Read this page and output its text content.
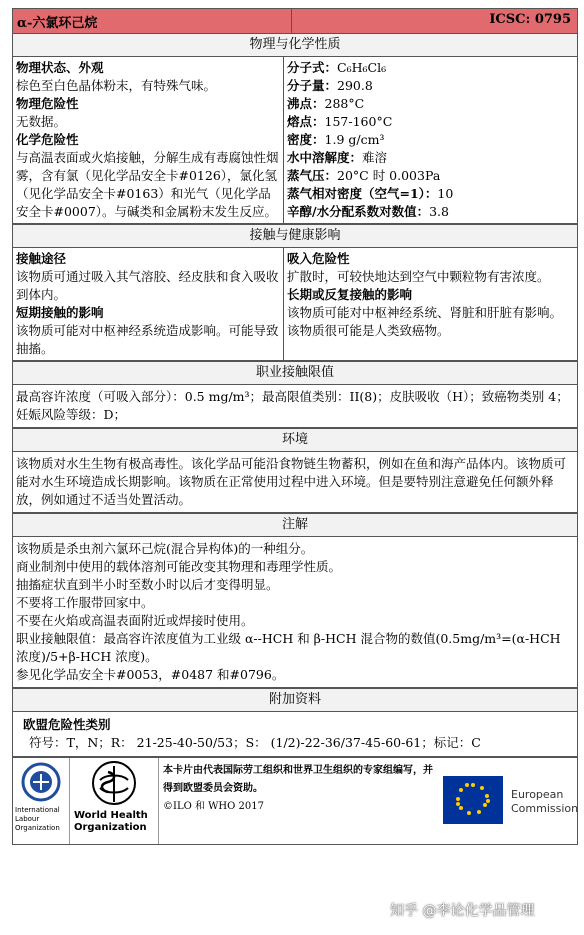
α-六氯环己烷	ICSC: 0795
物理与化学性质
物理状态、外观
棕色至白色晶体粉末，有特殊气味。
物理危险性
无数据。
化学危险性
与高温表面或火焰接触，分解生成有毒腐蚀性烟雾，含有氯（见化学品安全卡#0126），氯化氢（见化学品安全卡#0163）和光气（见化学品安全卡#0007）。与碱类和金属粉末发生反应。
分子式：C₆H₆Cl₆
分子量：290.8
沸点：288°C
熔点：157-160°C
密度：1.9 g/cm³
水中溶解度：难溶
蒸气压：20°C 时 0.003Pa
蒸气相对密度（空气=1）：10
辛醇/水分配系数对数值：3.8
接触与健康影响
接触途径
该物质可通过吸入其气溶胶、经皮肤和食入吸收到体内。
短期接触的影响
该物质可能对中枢神经系统造成影响。可能导致抽搐。
吸入危险性
扩散时，可较快地达到空气中颗粒物有害浓度。
长期或反复接触的影响
该物质可能对中枢神经系统、肾脏和肝脏有影响。该物质很可能是人类致癌物。
职业接触限值
最高容许浓度（可吸入部分）：0.5 mg/m³；最高限值类别：II(8)；皮肤吸收（H）；致癌物类别 4；妊娠风险等级：D；
环境
该物质对水生生物有极高毒性。该化学品可能沿食物链生物蓄积，例如在鱼和海产品体内。该物质可能对水生环境造成长期影响。该物质在正常使用过程中进入环境。但是要特别注意避免任何额外释放，例如通过不适当处置活动。
注解
该物质是杀虫剂六氯环己烷(混合异构体)的一种组分。
商业制剂中使用的载体溶剂可能改变其物理和毒理学性质。
抽搐症状直到半小时至数小时以后才变得明显。
不要将工作服带回家中。
不要在火焰或高温表面附近或焊接时使用。
职业接触限值：最高容许浓度值为工业级 α--HCH 和 β-HCH 混合物的数值(0.5mg/m³=(α-HCH 浓度)/5+β-HCH 浓度)。
参见化学品安全卡#0053，#0487 和#0796。
附加资料
欧盟危险性类别
符号：T，N；R： 21-25-40-50/53；S： (1/2)-22-36/37-45-60-61；标记：C
International Labour Organization
World Health Organization
本卡片由代表国际劳工组织和世界卫生组织的专家组编写，并得到欧盟委员会资助。
©ILO 和 WHO 2017
European Commission
知乎 @李论化学品管理
